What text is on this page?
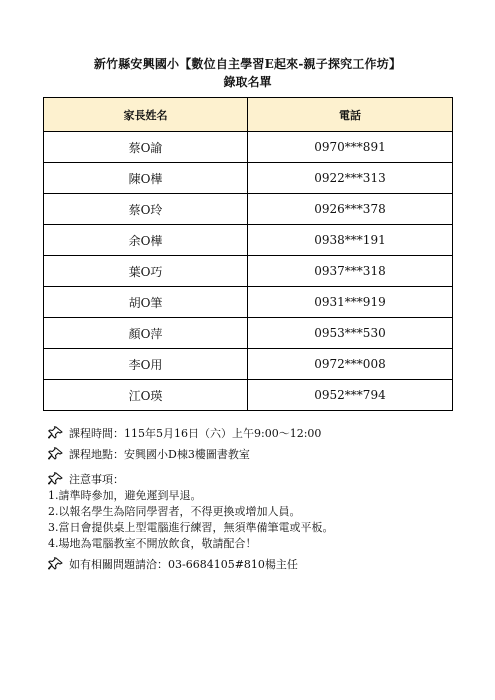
新竹縣安興國小【數位自主學習E起來-親子探究工作坊】
錄取名單
家長姓名	電話
蔡O諭	0970***891
陳O樺	0922***313
蔡O玲	0926***378
余O樺	0938***191
葉O巧	0937***318
胡O筆	0931***919
顏O萍	0953***530
李O用	0972***008
江O瑛	0952***794
課程時間：115年5月16日（六）上午9:00～12:00
課程地點：安興國小D棟3樓圖書教室
注意事項：
1.請準時參加，避免遲到早退。
2.以報名學生為陪同學習者，不得更換或增加人員。
3.當日會提供桌上型電腦進行練習，無須準備筆電或平板。
4.場地為電腦教室不開放飲食，敬請配合！
如有相關問題請洽：03-6684105#810楊主任
